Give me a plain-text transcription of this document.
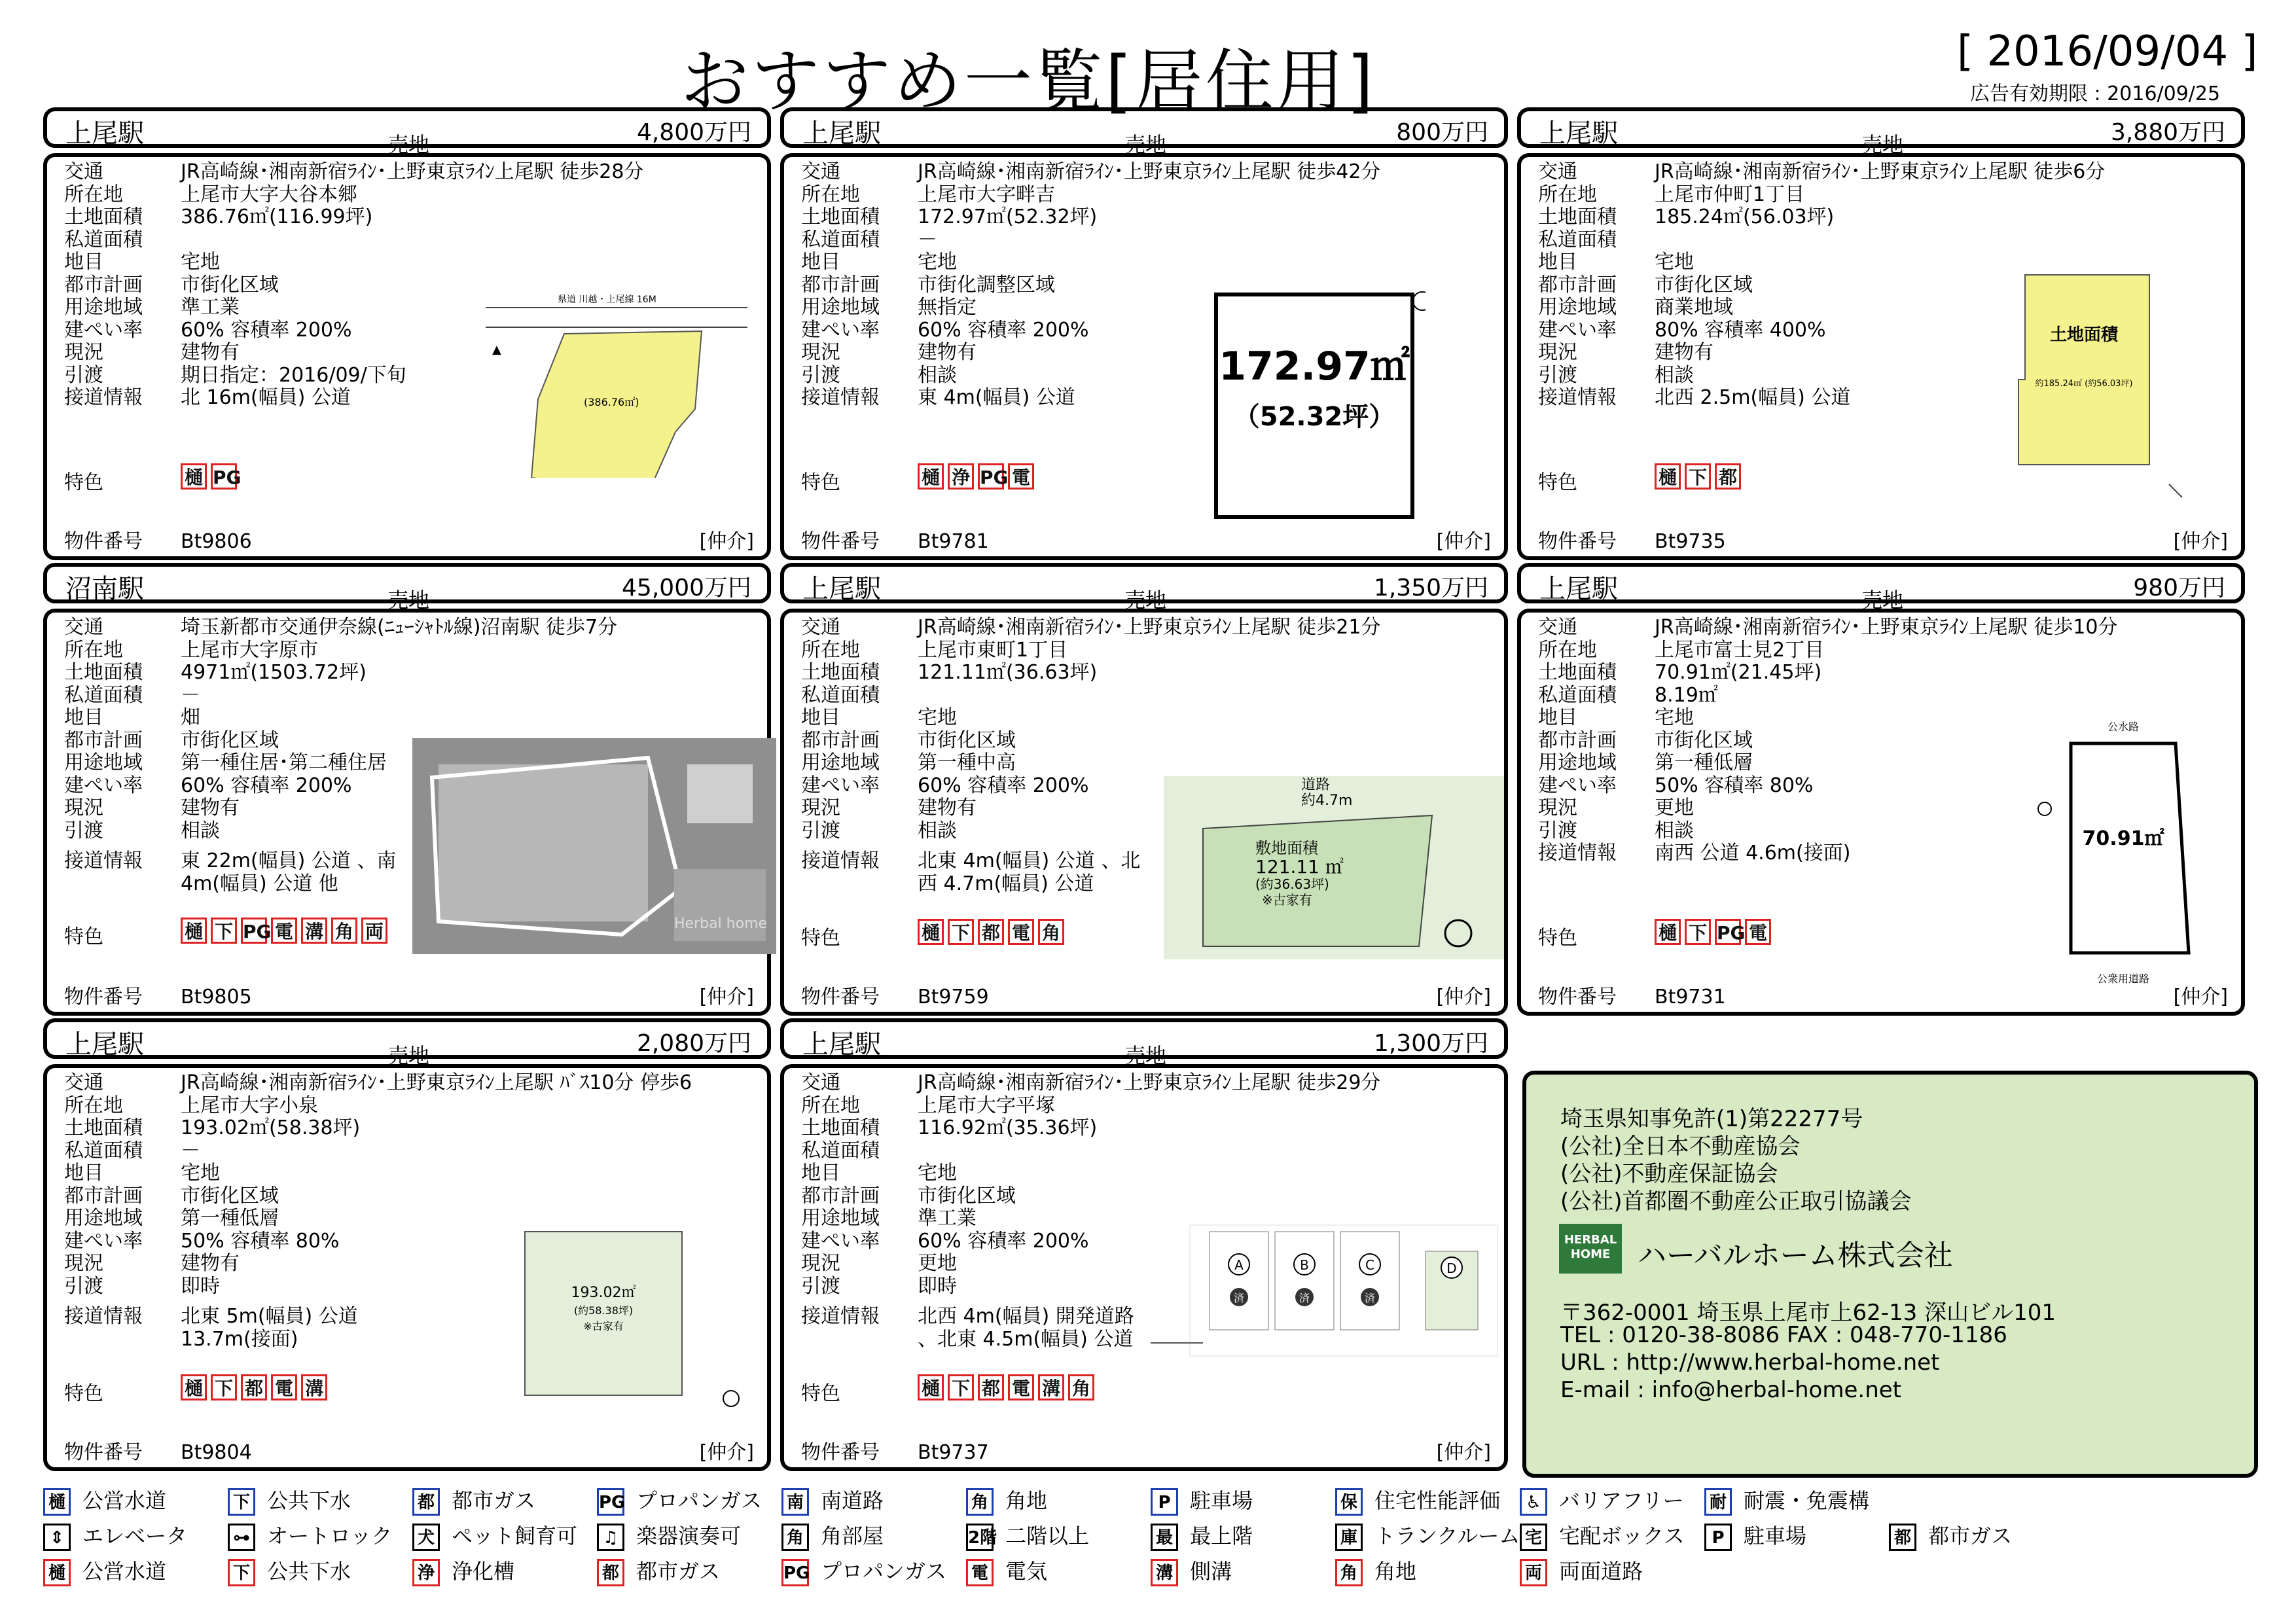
おすすめ一覧[居住用]	[ 2016/09/04 ]
広告有効期限 : 2016/09/25
上尾駅	売地	4,800万円
交通	JR高崎線･湘南新宿ﾗｲﾝ･上野東京ﾗｲﾝ上尾駅 徒歩28分
所在地	上尾市大字大谷本郷
土地面積 386.76㎡(116.99坪)
私道面積
地目	宅地
都市計画 市街化区域
用途地域 準工業
建ぺい率 60% 容積率 200%
現況	建物有
引渡	期日指定：2016/09/下旬
接道情報 北 16m(幅員) 公道
県道 川越・上尾線 16M
(386.76㎡)
▲
特色	樋 PG
物件番号 Bt9806	[仲介]
上尾駅	売地	800万円
交通	JR高崎線･湘南新宿ﾗｲﾝ･上野東京ﾗｲﾝ上尾駅 徒歩42分
所在地	上尾市大字畔吉
土地面積 172.97㎡(52.32坪)
私道面積 －
地目	宅地
都市計画 市街化調整区域
用途地域 無指定
建ぺい率 60% 容積率 200%
現況	建物有
引渡	相談
接道情報 東 4m(幅員) 公道
172.97㎡
（52.32坪）
特色	樋 浄 PG 電
物件番号 Bt9781	[仲介]
上尾駅	売地	3,880万円
交通	JR高崎線･湘南新宿ﾗｲﾝ･上野東京ﾗｲﾝ上尾駅 徒歩6分
所在地	上尾市仲町1丁目
土地面積 185.24㎡(56.03坪)
私道面積
地目	宅地
都市計画 市街化区域
用途地域 商業地域
建ぺい率 80% 容積率 400%
現況	建物有
引渡	相談
接道情報 北西 2.5m(幅員) 公道
土地面積
約185.24㎡ (約56.03坪)
特色	樋 下 都
物件番号 Bt9735	[仲介]
沼南駅	売地	45,000万円
交通	埼玉新都市交通伊奈線(ﾆｭｰｼｬﾄﾙ線)沼南駅 徒歩7分
所在地	上尾市大字原市
土地面積 4971㎡(1503.72坪)
私道面積 －
地目	畑
都市計画 市街化区域
用途地域 第一種住居･第二種住居
建ぺい率 60% 容積率 200%
現況	建物有
引渡	相談
接道情報 東 22m(幅員) 公道 、南
4m(幅員) 公道 他
Herbal home
特色	樋 下 PG 電 溝 角 両
物件番号 Bt9805	[仲介]
上尾駅	売地	1,350万円
交通	JR高崎線･湘南新宿ﾗｲﾝ･上野東京ﾗｲﾝ上尾駅 徒歩21分
所在地	上尾市東町1丁目
土地面積 121.11㎡(36.63坪)
私道面積
地目	宅地
都市計画 市街化区域
用途地域 第一種中高
建ぺい率 60% 容積率 200%
現況	建物有
引渡	相談
接道情報 北東 4m(幅員) 公道 、北
西 4.7m(幅員) 公道
道路
約4.7m
敷地面積
121.11 ㎡
(約36.63坪)
※古家有
特色	樋 下 都 電 角
物件番号 Bt9759	[仲介]
上尾駅	売地	980万円
交通	JR高崎線･湘南新宿ﾗｲﾝ･上野東京ﾗｲﾝ上尾駅 徒歩10分
所在地	上尾市富士見2丁目
土地面積 70.91㎡(21.45坪)
私道面積 8.19㎡
地目	宅地
都市計画 市街化区域
用途地域 第一種低層
建ぺい率 50% 容積率 80%
現況	更地
引渡	相談
接道情報 南西 公道 4.6m(接面)
公水路
70.91㎡
公衆用道路
特色	樋 下 PG 電
物件番号 Bt9731	[仲介]
上尾駅	売地	2,080万円
交通	JR高崎線･湘南新宿ﾗｲﾝ･上野東京ﾗｲﾝ上尾駅 ﾊﾞｽ10分 停歩6
所在地	上尾市大字小泉
土地面積 193.02㎡(58.38坪)
私道面積 －
地目	宅地
都市計画 市街化区域
用途地域 第一種低層
建ぺい率 50% 容積率 80%
現況	建物有
引渡	即時
接道情報 北東 5m(幅員) 公道
13.7m(接面)
193.02㎡
(約58.38坪)
※古家有
特色	樋 下 都 電 溝
物件番号 Bt9804	[仲介]
上尾駅	売地	1,300万円
交通	JR高崎線･湘南新宿ﾗｲﾝ･上野東京ﾗｲﾝ上尾駅 徒歩29分
所在地	上尾市大字平塚
土地面積 116.92㎡(35.36坪)
私道面積
地目	宅地
都市計画 市街化区域
用途地域 準工業
建ぺい率 60% 容積率 200%
現況	更地
引渡	即時
接道情報 北西 4m(幅員) 開発道路
、北東 4.5m(幅員) 公道
A
済
B
済
C
済
D
特色	樋 下 都 電 溝 角
物件番号 Bt9737	[仲介]
埼玉県知事免許(1)第22277号
(公社)全日本不動産協会
(公社)不動産保証協会
(公社)首都圏不動産公正取引協議会
HERBAL HOME ハーバルホーム株式会社
〒362-0001 埼玉県上尾市上62-13 深山ビル101
TEL : 0120-38-8086 FAX : 048-770-1186
URL : http://www.herbal-home.net
E-mail : info@herbal-home.net
樋 公営水道	下 公共下水	都 都市ガス	PG プロパンガス	南 南道路	角 角地	P 駐車場	保 住宅性能評価	♿ バリアフリー	耐 耐震・免震構
⇕ エレベータ	⊶ オートロック	犬 ペット飼育可	♫ 楽器演奏可	角 角部屋	2階 二階以上	最 最上階	庫 トランクルーム 宅 宅配ボックス	P 駐車場	都 都市ガス
樋 公営水道	下 公共下水	浄 浄化槽	都 都市ガス	PG プロパンガス	電 電気	溝 側溝	角 角地	両 両面道路
